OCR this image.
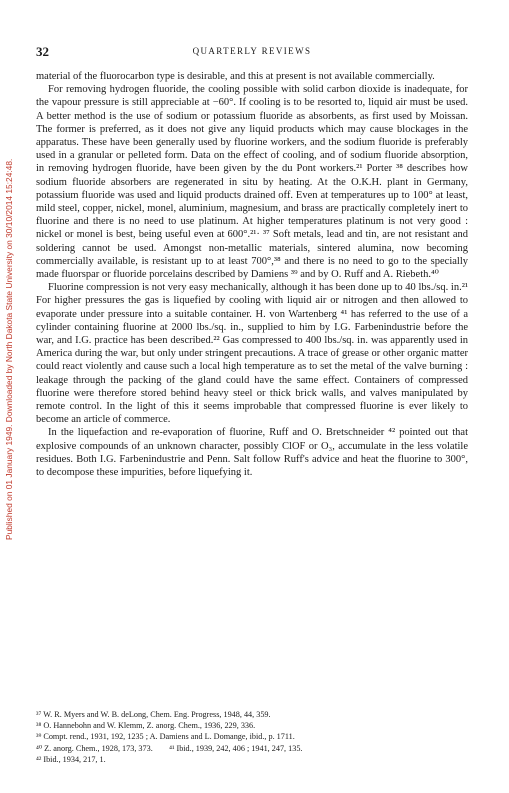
Published on 01 January 1949. Downloaded by North Dakota State University on 30/10/2014 15:24:48.
32	QUARTERLY REVIEWS

material of the fluorocarbon type is desirable, and this at present is not available commercially.

For removing hydrogen fluoride, the cooling possible with solid carbon dioxide is inadequate, for the vapour pressure is still appreciable at −60°. If cooling is to be resorted to, liquid air must be used. A better method is the use of sodium or potassium fluoride as absorbents, as first used by Moissan. The former is preferred, as it does not give any liquid products which may cause blockages in the apparatus. These have been generally used by fluorine workers, and the sodium fluoride is preferably used in a granular or pelleted form. Data on the effect of cooling, and of sodium fluoride absorption, in removing hydrogen fluoride, have been given by the du Pont workers.²¹ Porter ³⁸ describes how sodium fluoride absorbers are regenerated in situ by heating. At the O.K.H. plant in Germany, potassium fluoride was used and liquid products drained off. Even at temperatures up to 100° at least, mild steel, copper, nickel, monel, aluminium, magnesium, and brass are practically completely inert to fluorine and there is no need to use platinum. At higher temperatures platinum is not very good : nickel or monel is best, being useful even at 600°.²¹· ³⁷ Soft metals, lead and tin, are not resistant and soldering cannot be used. Amongst non-metallic materials, sintered alumina, now becoming commercially available, is resistant up to at least 700°,³⁸ and there is no need to go to the specially made fluorspar or fluoride porcelains described by Damiens ³⁹ and by O. Ruff and A. Riebeth.⁴⁰

Fluorine compression is not very easy mechanically, although it has been done up to 40 lbs./sq. in.²¹ For higher pressures the gas is liquefied by cooling with liquid air or nitrogen and then allowed to evaporate under pressure into a suitable container. H. von Wartenberg ⁴¹ has referred to the use of a cylinder containing fluorine at 2000 lbs./sq. in., supplied to him by I.G. Farbenindustrie before the war, and I.G. practice has been described.²² Gas compressed to 400 lbs./sq. in. was apparently used in America during the war, but only under stringent precautions. A trace of grease or other organic matter could react violently and cause such a local high temperature as to set the metal of the valve burning : leakage through the packing of the gland could have the same effect. Containers of compressed fluorine were therefore stored behind heavy steel or thick brick walls, and valves manipulated by remote control. In the light of this it seems improbable that compressed fluorine is ever likely to become an article of commerce.

In the liquefaction and re-evaporation of fluorine, Ruff and O. Bretschneider ⁴² pointed out that explosive compounds of an unknown character, possibly ClOF or O₃, accumulate in the less volatile residues. Both I.G. Farbenindustrie and Penn. Salt follow Ruff's advice and heat the fluorine to 300°, to decompose these impurities, before liquefying it.

³⁷ W. R. Myers and W. B. deLong, Chem. Eng. Progress, 1948, 44, 359.
³⁸ O. Hannebohn and W. Klemm, Z. anorg. Chem., 1936, 229, 336.
³⁹ Compt. rend., 1931, 192, 1235 ; A. Damiens and L. Domange, ibid., p. 1711.
⁴⁰ Z. anorg. Chem., 1928, 173, 373.        ⁴¹ Ibid., 1939, 242, 406 ; 1941, 247, 135.
⁴² Ibid., 1934, 217, 1.
